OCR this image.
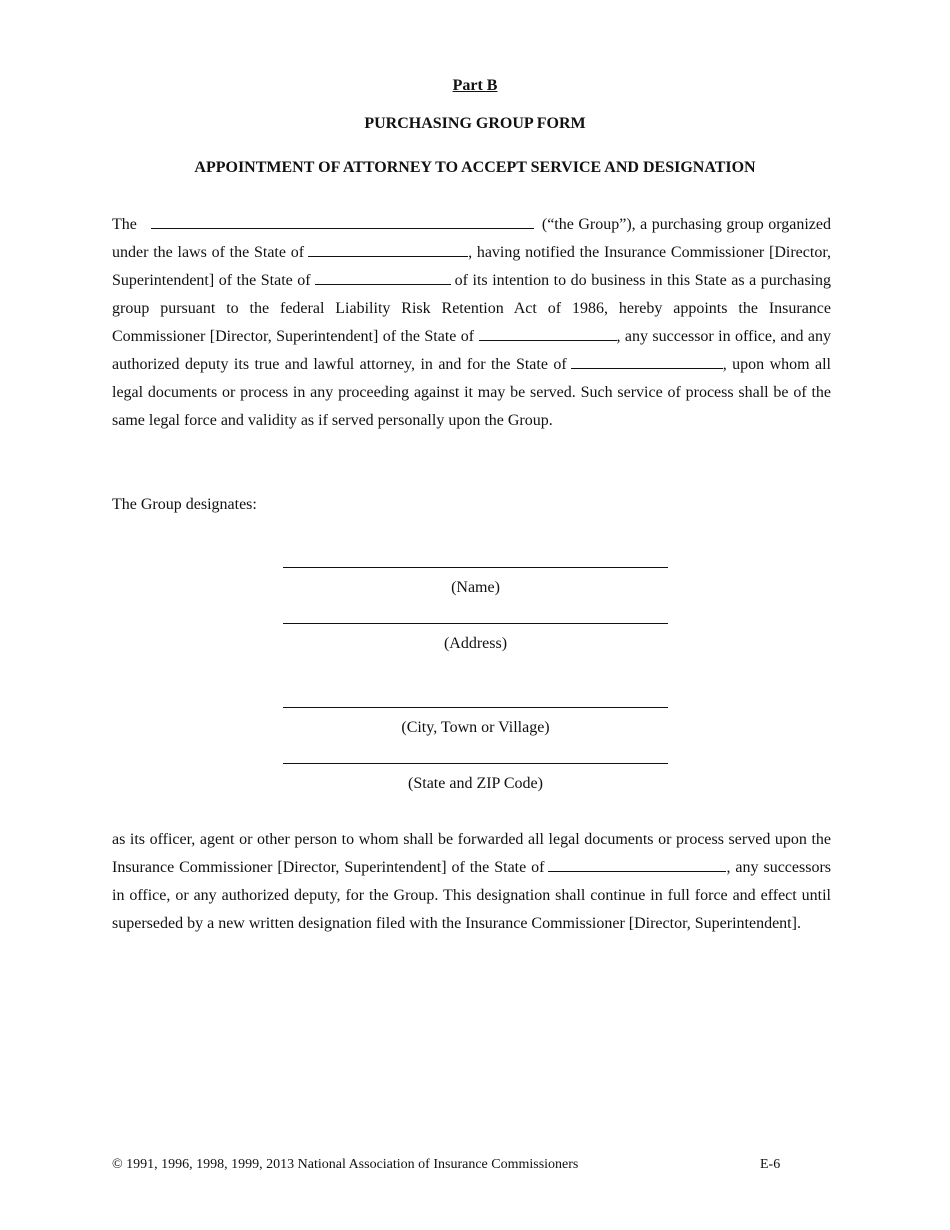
Part B

PURCHASING GROUP FORM

APPOINTMENT OF ATTORNEY TO ACCEPT SERVICE AND DESIGNATION

The	(“the Group”), a purchasing group organized under the laws of the State of	, having notified the Insurance Commissioner [Director, Superintendent] of the State of	of its intention to do business in this State as a purchasing group pursuant to the federal Liability Risk Retention Act of 1986, hereby appoints the Insurance Commissioner [Director, Superintendent] of the State of	, any successor in office, and any authorized deputy its true and lawful attorney, in and for the State of	, upon whom all legal documents or process in any proceeding against it may be served. Such service of process shall be of the same legal force and validity as if served personally upon the Group.

The Group designates:

(Name)
(Address)
(City, Town or Village)
(State and ZIP Code)

as its officer, agent or other person to whom shall be forwarded all legal documents or process served upon the Insurance Commissioner [Director, Superintendent] of the State of	, any successors in office, or any authorized deputy, for the Group. This designation shall continue in full force and effect until superseded by a new written designation filed with the Insurance Commissioner [Director, Superintendent].

© 1991, 1996, 1998, 1999, 2013 National Association of Insurance Commissioners	E-6
